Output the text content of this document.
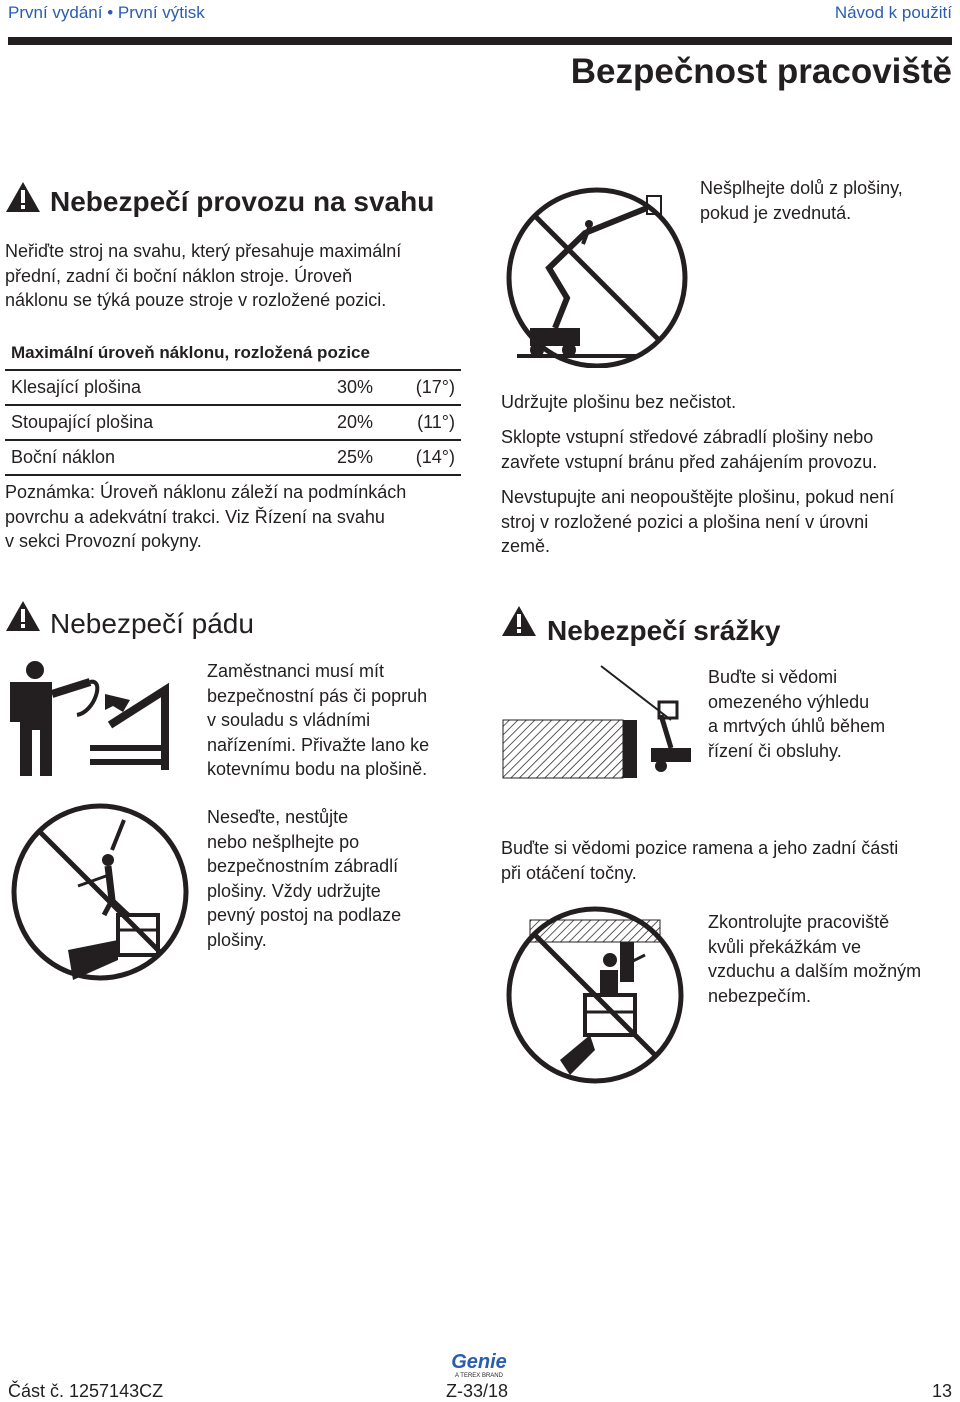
První vydání • První výtisk	Návod k použití
Bezpečnost pracoviště
Nebezpečí provozu na svahu
Neřiďte stroj na svahu, který přesahuje maximální
přední, zadní či boční náklon stroje. Úroveň
náklonu se týká pouze stroje v rozložené pozici.
Maximální úroveň náklonu, rozložená pozice		
Klesající plošina	30%	(17°)
Stoupající plošina	20%	(11°)
Boční náklon	25%	(14°)
Poznámka: Úroveň náklonu záleží na podmínkách
povrchu a adekvátní trakci. Viz Řízení na svahu
v sekci Provozní pokyny.
Nešplhejte dolů z plošiny,
pokud je zvednutá.
Udržujte plošinu bez nečistot.
Sklopte vstupní středové zábradlí plošiny nebo
zavřete vstupní bránu před zahájením provozu.
Nevstupujte ani neopouštějte plošinu, pokud není
stroj v rozložené pozici a plošina není v úrovni
země.
Nebezpečí pádu
Zaměstnanci musí mít
bezpečnostní pás či popruh
v souladu s vládními
nařízeními. Přivažte lano ke
kotevnímu bodu na plošině.
Neseďte, nestůjte
nebo nešplhejte po
bezpečnostním zábradlí
plošiny. Vždy udržujte
pevný postoj na podlaze
plošiny.
Nebezpečí srážky
Buďte si vědomi
omezeného výhledu
a mrtvých úhlů během
řízení či obsluhy.
Buďte si vědomi pozice ramena a jeho zadní části
při otáčení točny.
Zkontrolujte pracoviště
kvůli překážkám ve
vzduchu a dalším možným
nebezpečím.
Genie
A TEREX BRAND
Část č. 1257143CZ	Z-33/18	13
